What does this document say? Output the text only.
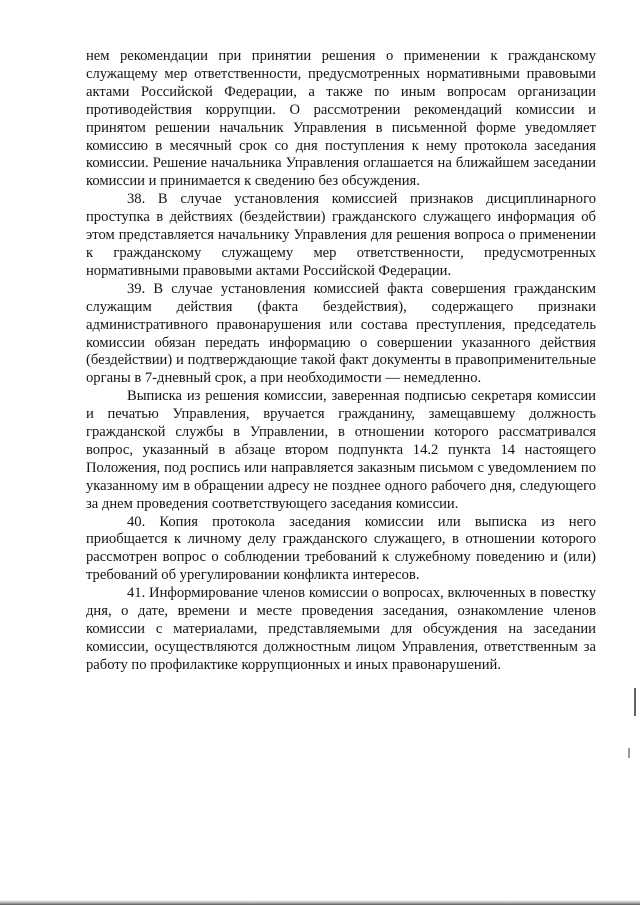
нем рекомендации при принятии решения о применении к гражданскому служащему мер ответственности, предусмотренных нормативными правовыми актами Российской Федерации, а также по иным вопросам организации противодействия коррупции. О рассмотрении рекомендаций комиссии и принятом решении начальник Управления в письменной форме уведомляет комиссию в месячный срок со дня поступления к нему протокола заседания комиссии. Решение начальника Управления оглашается на ближайшем заседании комиссии и принимается к сведению без обсуждения.

38. В случае установления комиссией признаков дисциплинарного проступка в действиях (бездействии) гражданского служащего информация об этом представляется начальнику Управления для решения вопроса о применении к гражданскому служащему мер ответственности, предусмотренных нормативными правовыми актами Российской Федерации.

39. В случае установления комиссией факта совершения гражданским служащим действия (факта бездействия), содержащего признаки административного правонарушения или состава преступления, председатель комиссии обязан передать информацию о совершении указанного действия (бездействии) и подтверждающие такой факт документы в правоприменительные органы в 7-дневный срок, а при необходимости — немедленно.

Выписка из решения комиссии, заверенная подписью секретаря комиссии и печатью Управления, вручается гражданину, замещавшему должность гражданской службы в Управлении, в отношении которого рассматривался вопрос, указанный в абзаце втором подпункта 14.2 пункта 14 настоящего Положения, под роспись или направляется заказным письмом с уведомлением по указанному им в обращении адресу не позднее одного рабочего дня, следующего за днем проведения соответствующего заседания комиссии.

40. Копия протокола заседания комиссии или выписка из него приобщается к личному делу гражданского служащего, в отношении которого рассмотрен вопрос о соблюдении требований к служебному поведению и (или) требований об урегулировании конфликта интересов.

41. Информирование членов комиссии о вопросах, включенных в повестку дня, о дате, времени и месте проведения заседания, ознакомление членов комиссии с материалами, представляемыми для обсуждения на заседании комиссии, осуществляются должностным лицом Управления, ответственным за работу по профилактике коррупционных и иных правонарушений.
